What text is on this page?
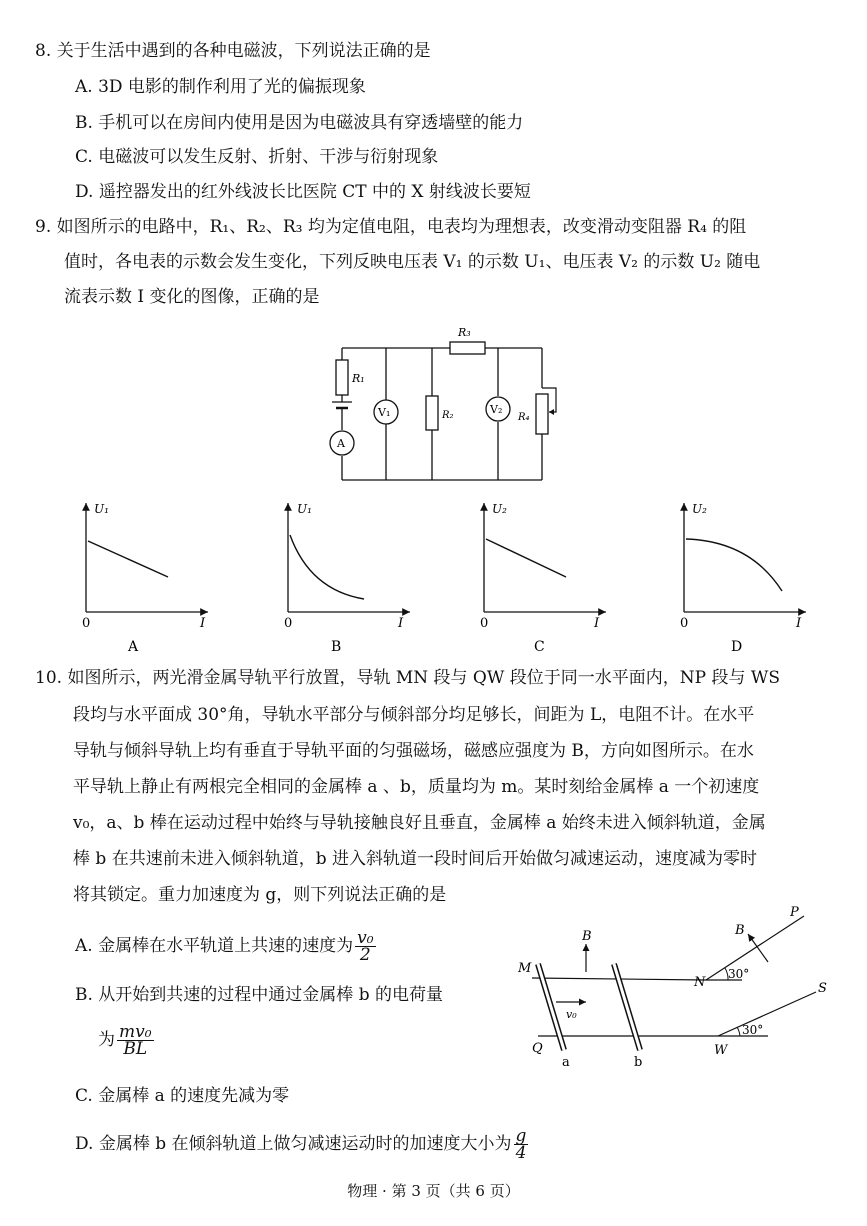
8. 关于生活中遇到的各种电磁波，下列说法正确的是
A. 3D 电影的制作利用了光的偏振现象
B. 手机可以在房间内使用是因为电磁波具有穿透墙壁的能力
C. 电磁波可以发生反射、折射、干涉与衍射现象
D. 遥控器发出的红外线波长比医院 CT 中的 X 射线波长要短
9. 如图所示的电路中，R₁、R₂、R₃ 均为定值电阻，电表均为理想表，改变滑动变阻器 R₄ 的阻
值时，各电表的示数会发生变化，下列反映电压表 V₁ 的示数 U₁、电压表 V₂ 的示数 U₂ 随电
流表示数 I 变化的图像，正确的是
R₁
A
V₁	R₂
R₃
V₂
R₄
U₁
0	I
A
U₁
0	I
B
U₂
0	I
C
U₂
0	I
D
10. 如图所示，两光滑金属导轨平行放置，导轨 MN 段与 QW 段位于同一水平面内，NP 段与 WS
段均与水平面成 30°角，导轨水平部分与倾斜部分均足够长，间距为 L，电阻不计。在水平
导轨与倾斜导轨上均有垂直于导轨平面的匀强磁场，磁感应强度为 B，方向如图所示。在水
平导轨上静止有两根完全相同的金属棒 a 、b，质量均为 m。某时刻给金属棒 a 一个初速度
v₀，a、b 棒在运动过程中始终与导轨接触良好且垂直，金属棒 a 始终未进入倾斜轨道，金属
棒 b 在共速前未进入倾斜轨道，b 进入斜轨道一段时间后开始做匀减速运动，速度减为零时
将其锁定。重力加速度为 g，则下列说法正确的是
A. 金属棒在水平轨道上共速的速度为 $\frac{\text{v₀}}{2}$
B. 从开始到共速的过程中通过金属棒 b 的电荷量
为 $\frac{\text{mv₀}}{BL}$
C. 金属棒 a 的速度先减为零
D. 金属棒 b 在倾斜轨道上做匀减速运动时的加速度大小为 $\frac{g}{4}$
M
N
P
Q	W
S
B	B
v₀
a	b
30°
30°
物理 · 第 3 页（共 6 页）
